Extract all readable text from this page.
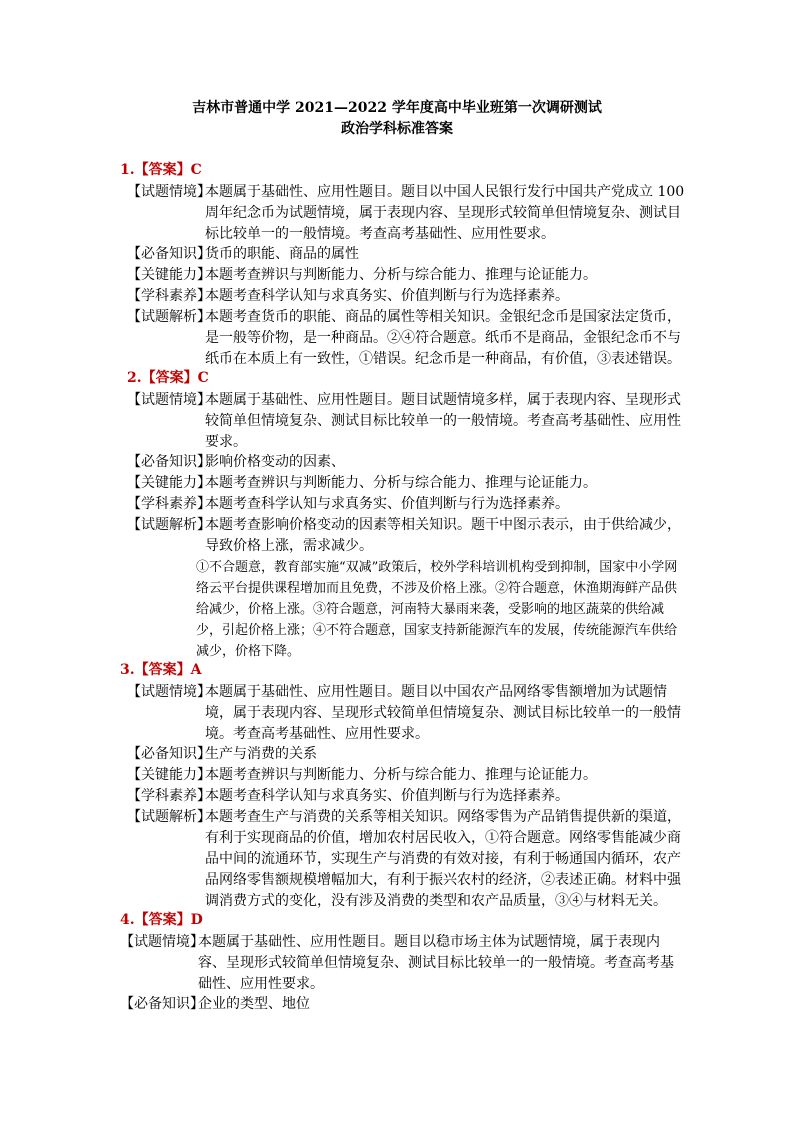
吉林市普通中学 2021—2022 学年度高中毕业班第一次调研测试
政治学科标准答案
1.【答案】C
【试题情境】
本题属于基础性、应用性题目。题目以中国人民银行发行中国共产党成立 100 周年纪念币为试题情境，属于表现内容、呈现形式较简单但情境复杂、测试目标比较单一的一般情境。考查高考基础性、应用性要求。
【必备知识】
货币的职能、商品的属性
【关键能力】
本题考查辨识与判断能力、分析与综合能力、推理与论证能力。
【学科素养】
本题考查科学认知与求真务实、价值判断与行为选择素养。
【试题解析】
本题考查货币的职能、商品的属性等相关知识。金银纪念币是国家法定货币，是一般等价物，是一种商品。②④符合题意。纸币不是商品，金银纪念币不与纸币在本质上有一致性，①错误。纪念币是一种商品，有价值，③表述错误。
2.【答案】C
【试题情境】
本题属于基础性、应用性题目。题目试题情境多样，属于表现内容、呈现形式较简单但情境复杂、测试目标比较单一的一般情境。考查高考基础性、应用性要求。
【必备知识】
影响价格变动的因素、
【关键能力】
本题考查辨识与判断能力、分析与综合能力、推理与论证能力。
【学科素养】
本题考查科学认知与求真务实、价值判断与行为选择素养。
【试题解析】
本题考查影响价格变动的因素等相关知识。题干中图示表示，由于供给减少，导致价格上涨，需求减少。
①不合题意，教育部实施“双减”政策后，校外学科培训机构受到抑制，国家中小学网络云平台提供课程增加而且免费，不涉及价格上涨。②符合题意，休渔期海鲜产品供给减少，价格上涨。③符合题意，河南特大暴雨来袭，受影响的地区蔬菜的供给减少，引起价格上涨；④不符合题意，国家支持新能源汽车的发展，传统能源汽车供给减少，价格下降。
3.【答案】A
【试题情境】
本题属于基础性、应用性题目。题目以中国农产品网络零售额增加为试题情境，属于表现内容、呈现形式较简单但情境复杂、测试目标比较单一的一般情境。考查高考基础性、应用性要求。
【必备知识】
生产与消费的关系
【关键能力】
本题考查辨识与判断能力、分析与综合能力、推理与论证能力。
【学科素养】
本题考查科学认知与求真务实、价值判断与行为选择素养。
【试题解析】
本题考查生产与消费的关系等相关知识。网络零售为产品销售提供新的渠道，有利于实现商品的价值，增加农村居民收入，①符合题意。网络零售能减少商品中间的流通环节，实现生产与消费的有效对接，有利于畅通国内循环，农产品网络零售额规模增幅加大，有利于振兴农村的经济，②表述正确。材料中强调消费方式的变化，没有涉及消费的类型和农产品质量，③④与材料无关。
4.【答案】D
【试题情境】
本题属于基础性、应用性题目。题目以稳市场主体为试题情境，属于表现内容、呈现形式较简单但情境复杂、测试目标比较单一的一般情境。考查高考基础性、应用性要求。
【必备知识】
企业的类型、地位
